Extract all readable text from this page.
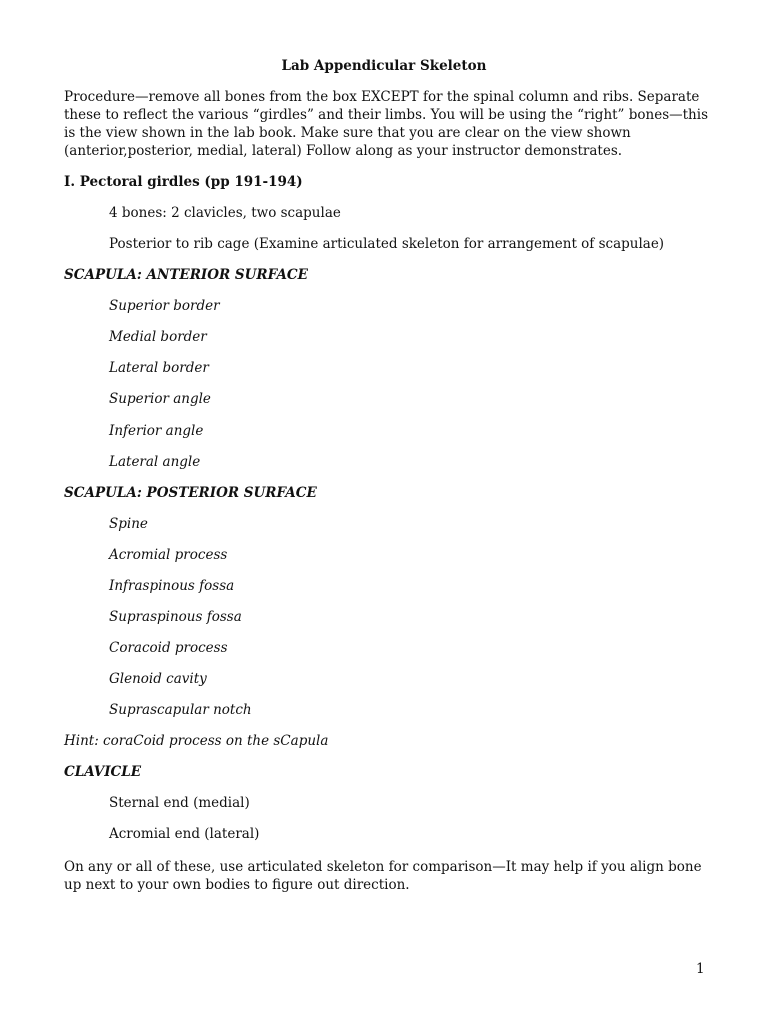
Lab Appendicular Skeleton
Procedure—remove all bones from the box EXCEPT for the spinal column and ribs. Separate these to reflect the various “girdles” and their limbs. You will be using the “right” bones—this is the view shown in the lab book. Make sure that you are clear on the view shown (anterior,posterior, medial, lateral) Follow along as your instructor demonstrates.
I. Pectoral girdles (pp 191-194)
4 bones: 2 clavicles, two scapulae
Posterior to rib cage (Examine articulated skeleton for arrangement of scapulae)
SCAPULA: ANTERIOR SURFACE
Superior border
Medial border
Lateral border
Superior angle
Inferior angle
Lateral angle
SCAPULA: POSTERIOR SURFACE
Spine
Acromial process
Infraspinous fossa
Supraspinous fossa
Coracoid process
Glenoid cavity
Suprascapular notch
Hint: coraCoid process on the sCapula
CLAVICLE
Sternal end (medial)
Acromial end (lateral)
On any or all of these, use articulated skeleton for comparison—It may help if you align bone up next to your own bodies to figure out direction.
1
